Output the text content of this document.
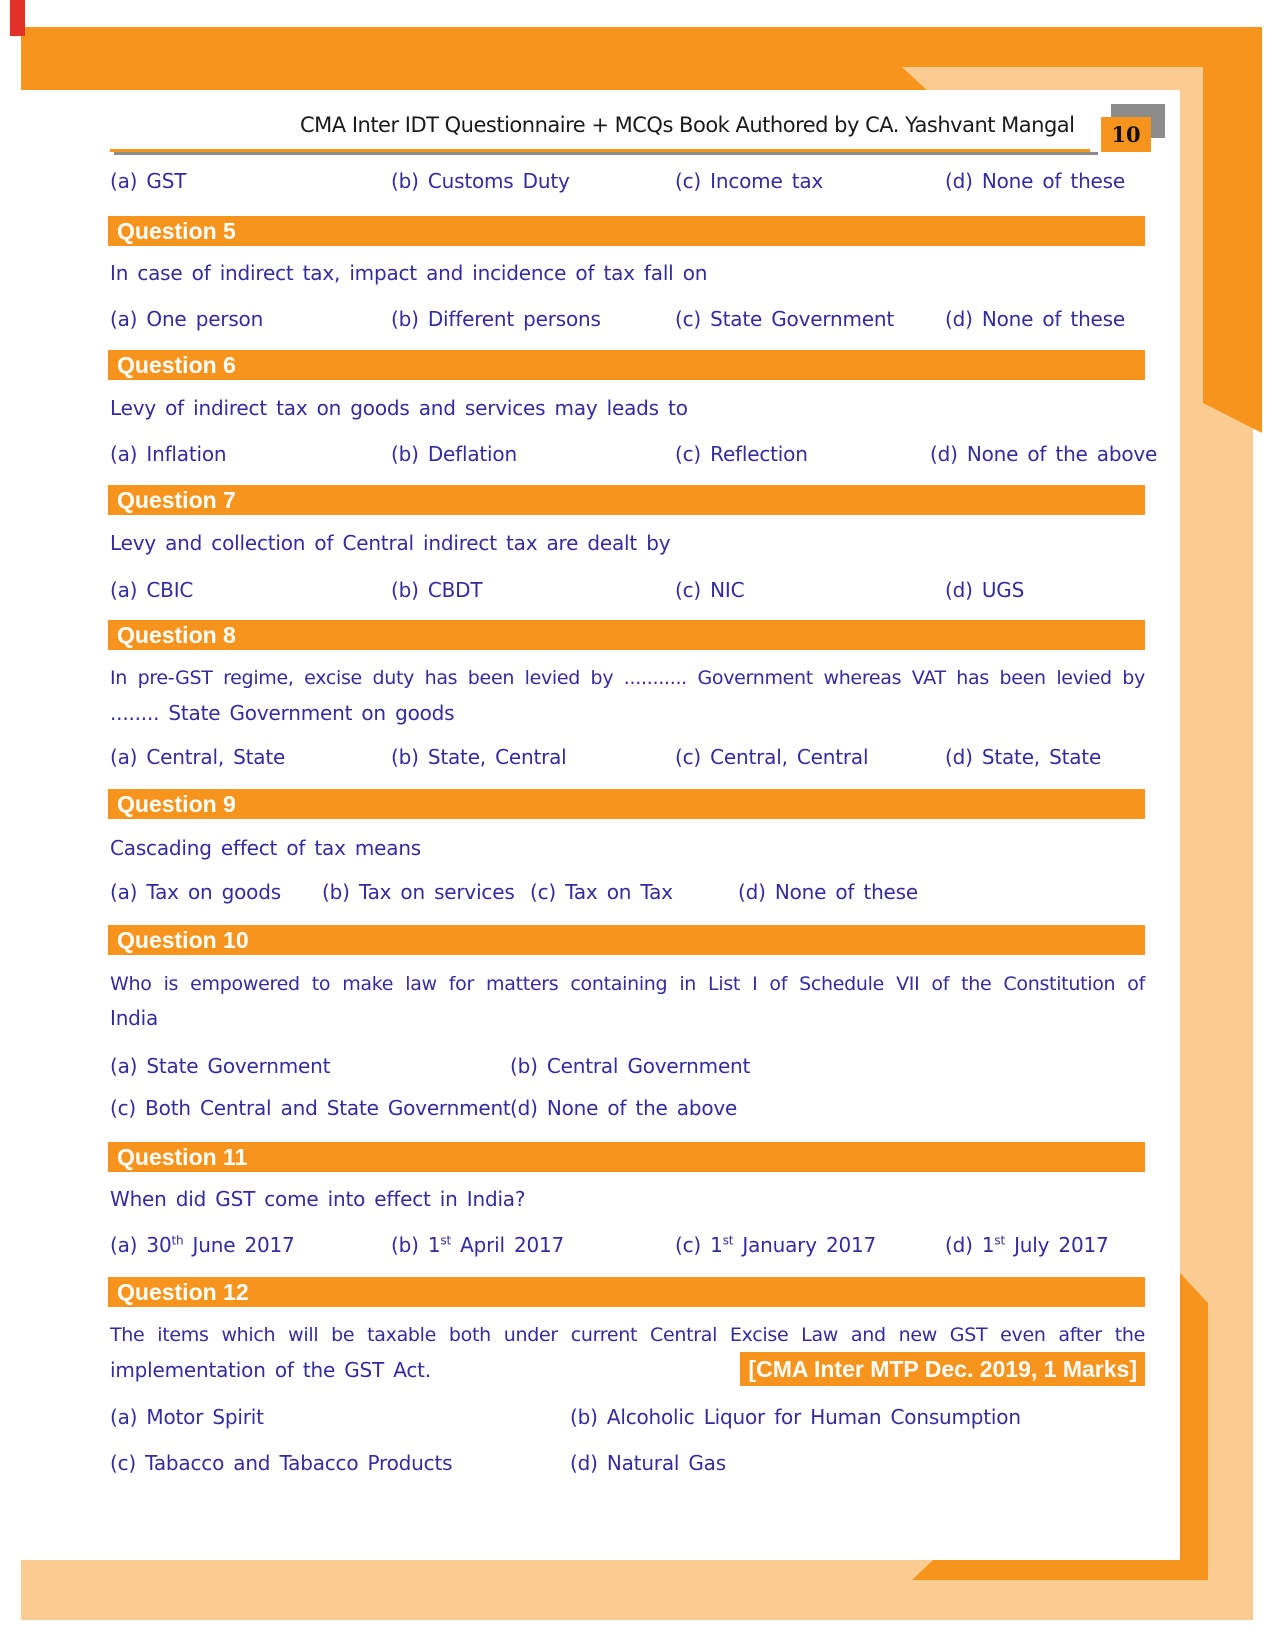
CMA Inter IDT Questionnaire + MCQs Book Authored by CA. Yashvant Mangal	10
(a) GST	(b) Customs Duty	(c) Income tax	(d) None of these
Question 5
In case of indirect tax, impact and incidence of tax fall on
(a) One person	(b) Different persons	(c) State Government	(d) None of these
Question 6
Levy of indirect tax on goods and services may leads to
(a) Inflation	(b) Deflation	(c) Reflection	(d) None of the above
Question 7
Levy and collection of Central indirect tax are dealt by
(a) CBIC	(b) CBDT	(c) NIC	(d) UGS
Question 8
In pre-GST regime, excise duty has been levied by ........... Government whereas VAT has been levied by
........ State Government on goods
(a) Central, State	(b) State, Central	(c) Central, Central	(d) State, State
Question 9
Cascading effect of tax means
(a) Tax on goods (b) Tax on services (c) Tax on Tax	(d) None of these
Question 10
Who is empowered to make law for matters containing in List I of Schedule VII of the Constitution of
India
(a) State Government	(b) Central Government
(c) Both Central and State Government (d) None of the above
Question 11
When did GST come into effect in India?
(a) 30th June 2017	(b) 1st April 2017	(c) 1st January 2017	(d) 1st July 2017
Question 12
The items which will be taxable both under current Central Excise Law and new GST even after the
implementation of the GST Act.	[CMA Inter MTP Dec. 2019, 1 Marks]
(a) Motor Spirit	(b) Alcoholic Liquor for Human Consumption
(c) Tabacco and Tabacco Products	(d) Natural Gas
